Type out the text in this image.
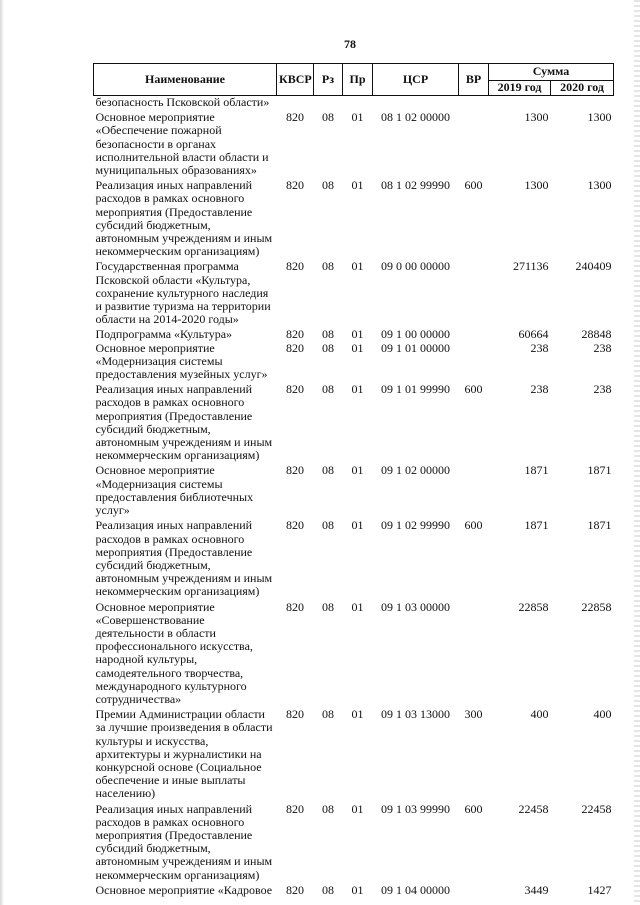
78
Наименование	КВСР	Рз	Пр	ЦСР	ВР	Сумма	
						2019 год	2020 год
безопасность Псковской области»							
Основное мероприятие «Обеспечение пожарной безопасности в органах исполнительной власти области и муниципальных образованиях»	820	08	01	08 1 02 00000		1300	1300
Реализация иных направлений расходов в рамках основного мероприятия (Предоставление субсидий бюджетным, автономным учреждениям и иным некоммерческим организациям)	820	08	01	08 1 02 99990	600	1300	1300
Государственная программа Псковской области «Культура, сохранение культурного наследия и развитие туризма на территории области на 2014-2020 годы»	820	08	01	09 0 00 00000		271136	240409
Подпрограмма «Культура»	820	08	01	09 1 00 00000		60664	28848
Основное мероприятие «Модернизация системы предоставления музейных услуг»	820	08	01	09 1 01 00000		238	238
Реализация иных направлений расходов в рамках основного мероприятия (Предоставление субсидий бюджетным, автономным учреждениям и иным некоммерческим организациям)	820	08	01	09 1 01 99990	600	238	238
Основное мероприятие «Модернизация системы предоставления библиотечных услуг»	820	08	01	09 1 02 00000		1871	1871
Реализация иных направлений расходов в рамках основного мероприятия (Предоставление субсидий бюджетным, автономным учреждениям и иным некоммерческим организациям)	820	08	01	09 1 02 99990	600	1871	1871
Основное мероприятие «Совершенствование деятельности в области профессионального искусства, народной культуры, самодеятельного творчества, международного культурного сотрудничества»	820	08	01	09 1 03 00000		22858	22858
Премии Администрации области за лучшие произведения в области культуры и искусства, архитектуры и журналистики на конкурсной основе (Социальное обеспечение и иные выплаты населению)	820	08	01	09 1 03 13000	300	400	400
Реализация иных направлений расходов в рамках основного мероприятия (Предоставление субсидий бюджетным, автономным учреждениям и иным некоммерческим организациям)	820	08	01	09 1 03 99990	600	22458	22458
Основное мероприятие «Кадровое	820	08	01	09 1 04 00000		3449	1427
